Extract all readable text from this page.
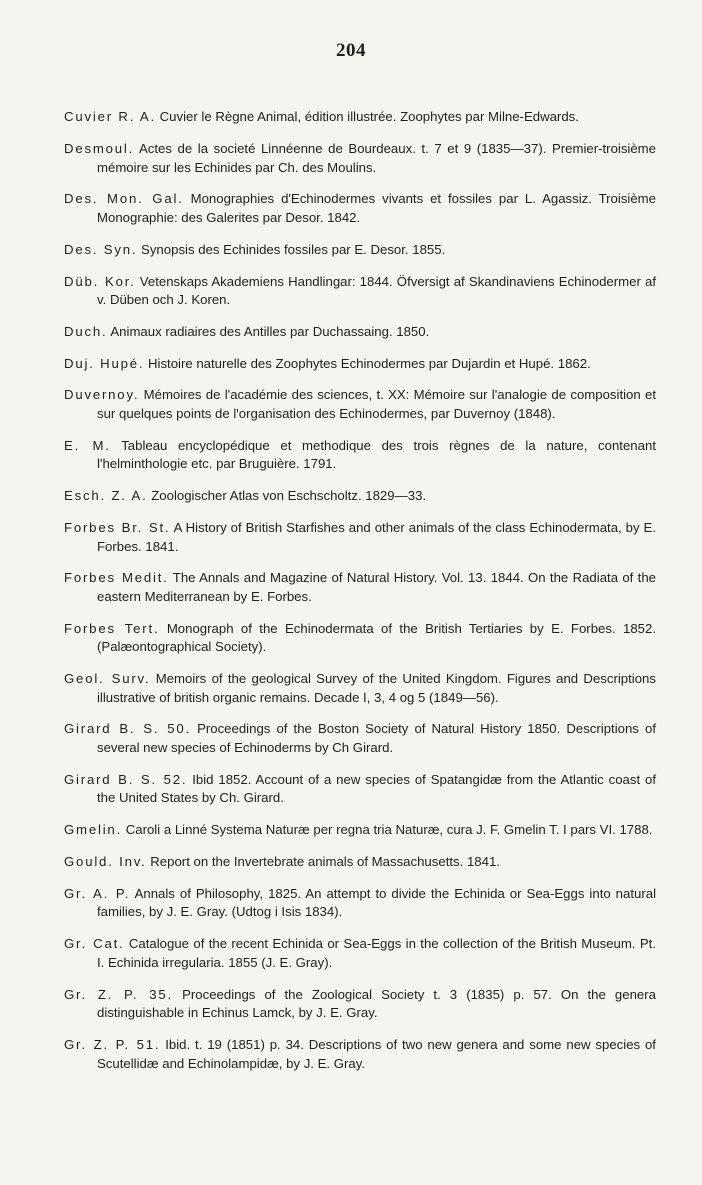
204

Cuvier R. A. Cuvier le Règne Animal, édition illustrée. Zoophytes par Milne-Edwards.

Desmoul. Actes de la societé Linnéenne de Bourdeaux. t. 7 et 9 (1835—37). Premier-troisième mémoire sur les Echinides par Ch. des Moulins.

Des. Mon. Gal. Monographies d'Echinodermes vivants et fossiles par L. Agassiz. Troisième Monographie: des Galerites par Desor. 1842.

Des. Syn. Synopsis des Echinides fossiles par E. Desor. 1855.

Düb. Kor. Vetenskaps Akademiens Handlingar: 1844. Öfversigt af Skandinaviens Echinodermer af v. Düben och J. Koren.

Duch. Animaux radiaires des Antilles par Duchassaing. 1850.

Duj. Hupé. Histoire naturelle des Zoophytes Echinodermes par Dujardin et Hupé. 1862.

Duvernoy. Mémoires de l'académie des sciences, t. XX: Mémoire sur l'analogie de composition et sur quelques points de l'organisation des Echinodermes, par Duvernoy (1848).

E. M. Tableau encyclopédique et methodique des trois règnes de la nature, contenant l'helminthologie etc. par Bruguière. 1791.

Esch. Z. A. Zoologischer Atlas von Eschscholtz. 1829—33.

Forbes Br. St. A History of British Starfishes and other animals of the class Echinodermata, by E. Forbes. 1841.

Forbes Medit. The Annals and Magazine of Natural History. Vol. 13. 1844. On the Radiata of the eastern Mediterranean by E. Forbes.

Forbes Tert. Monograph of the Echinodermata of the British Tertiaries by E. Forbes. 1852. (Palæontographical Society).

Geol. Surv. Memoirs of the geological Survey of the United Kingdom. Figures and Descriptions illustrative of british organic remains. Decade I, 3, 4 og 5 (1849—56).

Girard B. S. 50. Proceedings of the Boston Society of Natural History 1850. Descriptions of several new species of Echinoderms by Ch Girard.

Girard B. S. 52. Ibid 1852. Account of a new species of Spatangidæ from the Atlantic coast of the United States by Ch. Girard.

Gmelin. Caroli a Linné Systema Naturæ per regna tria Naturæ, cura J. F. Gmelin T. I pars VI. 1788.

Gould. Inv. Report on the Invertebrate animals of Massachusetts. 1841.

Gr. A. P. Annals of Philosophy, 1825. An attempt to divide the Echinida or Sea-Eggs into natural families, by J. E. Gray. (Udtog i Isis 1834).

Gr. Cat. Catalogue of the recent Echinida or Sea-Eggs in the collection of the British Museum. Pt. I. Echinida irregularia. 1855 (J. E. Gray).

Gr. Z. P. 35. Proceedings of the Zoological Society t. 3 (1835) p. 57. On the genera distinguishable in Echinus Lamck, by J. E. Gray.

Gr. Z. P. 51. Ibid. t. 19 (1851) p. 34. Descriptions of two new genera and some new species of Scutellidæ and Echinolampidæ, by J. E. Gray.
